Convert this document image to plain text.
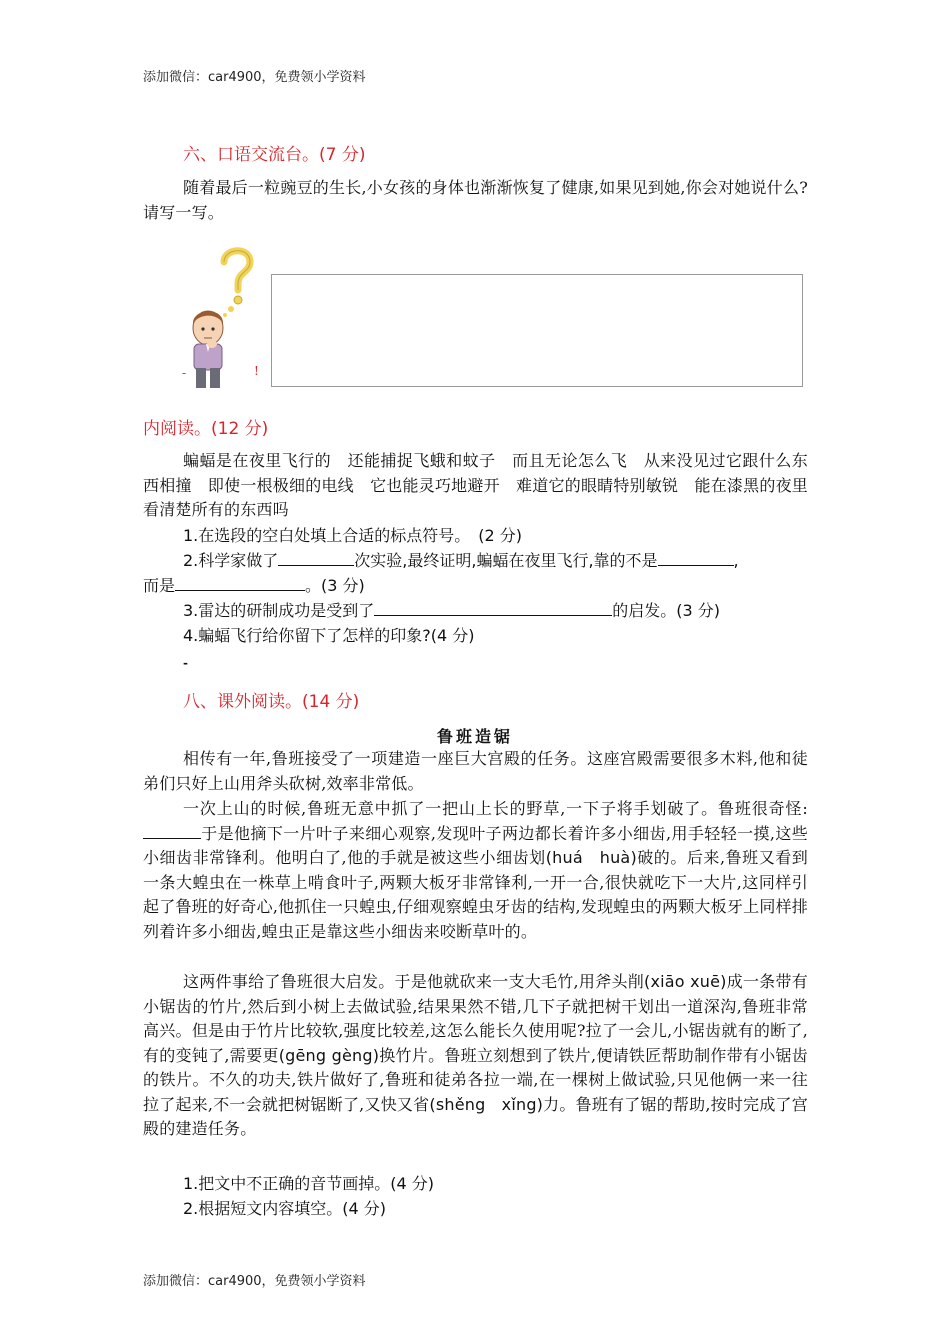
添加微信：car4900，免费领小学资料
六、口语交流台。(7 分)
随着最后一粒豌豆的生长,小女孩的身体也渐渐恢复了健康,如果见到她,你会对她说什么?请写一写。
-	!
内阅读。(12 分)
蝙蝠是在夜里飞行的　还能捕捉飞蛾和蚊子　而且无论怎么飞　从来没见过它跟什么东西相撞　即使一根极细的电线　它也能灵巧地避开　难道它的眼睛特别敏锐　能在漆黑的夜里看清楚所有的东西吗
1.在选段的空白处填上合适的标点符号。　(2 分)
2.科学家做了	次实验,最终证明,蝙蝠在夜里飞行,靠的不是	,
而是	。(3 分)
3.雷达的研制成功是受到了	的启发。(3 分)
4.蝙蝠飞行给你留下了怎样的印象?(4 分)
-
八、课外阅读。(14 分)
鲁班造锯
相传有一年,鲁班接受了一项建造一座巨大宫殿的任务。这座宫殿需要很多木料,他和徒弟们只好上山用斧头砍树,效率非常低。
一次上山的时候,鲁班无意中抓了一把山上长的野草,一下子将手划破了。鲁班很奇怪:于是他摘下一片叶子来细心观察,发现叶子两边都长着许多小细齿,用手轻轻一摸,这些小细齿非常锋利。他明白了,他的手就是被这些小细齿划(huá　huà)破的。后来,鲁班又看到一条大蝗虫在一株草上啃食叶子,两颗大板牙非常锋利,一开一合,很快就吃下一大片,这同样引起了鲁班的好奇心,他抓住一只蝗虫,仔细观察蝗虫牙齿的结构,发现蝗虫的两颗大板牙上同样排列着许多小细齿,蝗虫正是靠这些小细齿来咬断草叶的。
这两件事给了鲁班很大启发。于是他就砍来一支大毛竹,用斧头削(xiāo xuē)成一条带有小锯齿的竹片,然后到小树上去做试验,结果果然不错,几下子就把树干划出一道深沟,鲁班非常高兴。但是由于竹片比较软,强度比较差,这怎么能长久使用呢?拉了一会儿,小锯齿就有的断了,有的变钝了,需要更(gēng gèng)换竹片。鲁班立刻想到了铁片,便请铁匠帮助制作带有小锯齿的铁片。不久的功夫,铁片做好了,鲁班和徒弟各拉一端,在一棵树上做试验,只见他俩一来一往拉了起来,不一会就把树锯断了,又快又省(shěng　xǐng)力。鲁班有了锯的帮助,按时完成了宫殿的建造任务。
1.把文中不正确的音节画掉。(4 分)
2.根据短文内容填空。(4 分)
添加微信：car4900，免费领小学资料
